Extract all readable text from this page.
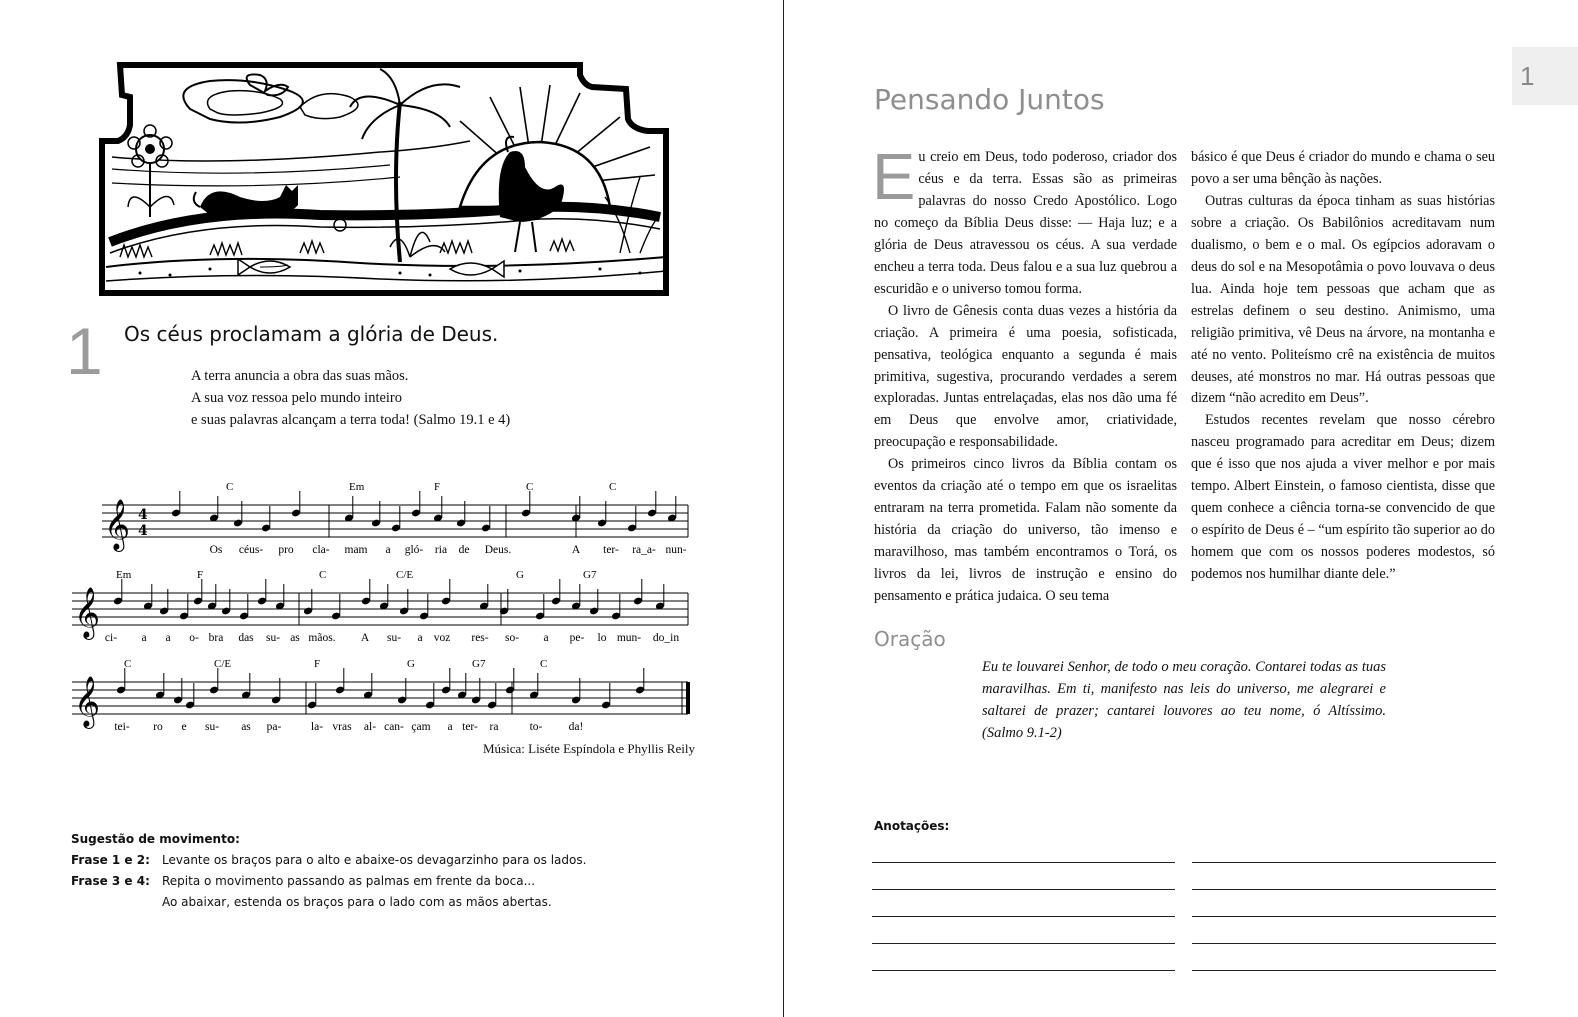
1 Os céus proclamam a glória de Deus.
A terra anuncia a obra das suas mãos.
A sua voz ressoa pelo mundo inteiro
e suas palavras alcançam a terra toda! (Salmo 19.1 e 4)
𝄞 4
4
C	Em	F	C	C
Os céus- pro cla- mam a gló- ria de Deus.	A ter- ra_a- nun-
𝄞
Em	F	C	C/E	G	G7
ci- a a o- bra das su- as mãos. A su- a voz res- so- a pe- lo mun- do_in
𝄞
C	C/E	F	G	G7	C
tei- ro e su- as pa-	la- vras al- can- çam a ter- ra	to- da!
Música: Liséte Espíndola e Phyllis Reily
Sugestão de movimento:
Frase 1 e 2:	Levante os braços para o alto e abaixe-os devagarzinho para os lados.
Frase 3 e 4:	Repita o movimento passando as palmas em frente da boca...
Ao abaixar, estenda os braços para o lado com as mãos abertas.
1
Pensando Juntos

Eu creio em Deus, todo poderoso, criador dos céus e da terra. Essas são as primeiras palavras do nosso Credo Apostólico. Logo no começo da Bíblia Deus disse: — Haja luz; e a glória de Deus atravessou os céus. A sua verdade encheu a terra toda. Deus falou e a sua luz quebrou a escuridão e o universo tomou forma.

O livro de Gênesis conta duas vezes a história da criação. A primeira é uma poesia, sofisticada, pensativa, teológica enquanto a segunda é mais primitiva, sugestiva, procurando verdades a serem exploradas. Juntas entrelaçadas, elas nos dão uma fé em Deus que envolve amor, criatividade, preocupação e responsabilidade.

Os primeiros cinco livros da Bíblia contam os eventos da criação até o tempo em que os israelitas entraram na terra prometida. Falam não somente da história da criação do universo, tão imenso e maravilhoso, mas também encontramos o Torá, os livros da lei, livros de instrução e ensino do pensamento e prática judaica. O seu tema

básico é que Deus é criador do mundo e chama o seu povo a ser uma bênção às nações.

Outras culturas da época tinham as suas histórias sobre a criação. Os Babilônios acreditavam num dualismo, o bem e o mal. Os egípcios adoravam o deus do sol e na Mesopotâmia o povo louvava o deus lua. Ainda hoje tem pessoas que acham que as estrelas definem o seu destino. Animismo, uma religião primitiva, vê Deus na árvore, na montanha e até no vento. Politeísmo crê na existência de muitos deuses, até monstros no mar. Há outras pessoas que dizem “não acredito em Deus”.

Estudos recentes revelam que nosso cérebro nasceu programado para acreditar em Deus; dizem que é isso que nos ajuda a viver melhor e por mais tempo. Albert Einstein, o famoso cientista, disse que quem conhece a ciência torna-se convencido de que o espírito de Deus é – “um espírito tão superior ao do homem que com os nossos poderes modestos, só podemos nos humilhar diante dele.”

Oração
Eu te louvarei Senhor, de todo o meu coração. Contarei todas as tuas maravilhas. Em ti, manifesto nas leis do universo, me alegrarei e saltarei de prazer; cantarei louvores ao teu nome, ó Altíssimo. (Salmo 9.1-2)
Anotações:
